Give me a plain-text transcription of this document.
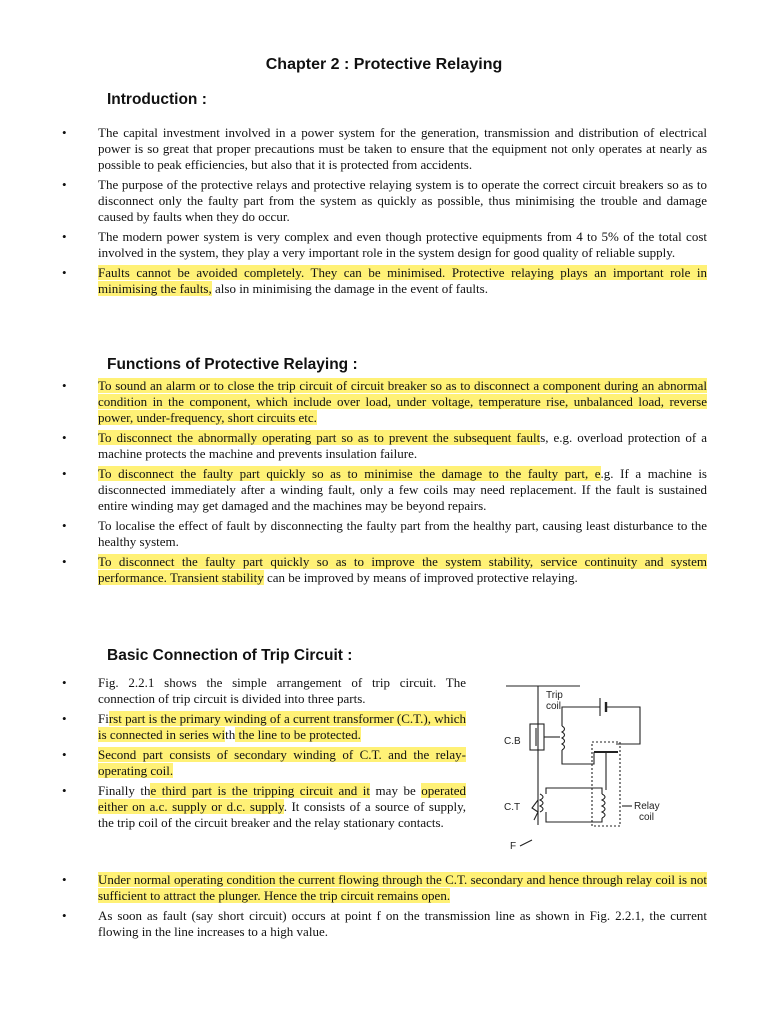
Chapter 2 : Protective Relaying
Introduction :
• The capital investment involved in a power system for the generation, transmission and distribution of electrical power is so great that proper precautions must be taken to ensure that the equipment not only operates at nearly as possible to peak efficiencies, but also that it is protected from accidents.
• The purpose of the protective relays and protective relaying system is to operate the correct circuit breakers so as to disconnect only the faulty part from the system as quickly as possible, thus minimising the trouble and damage caused by faults when they do occur.
• The modern power system is very complex and even though protective equipments from 4 to 5% of the total cost involved in the system, they play a very important role in the system design for good quality of reliable supply.
• Faults cannot be avoided completely. They can be minimised. Protective relaying plays an important role in minimising the faults, also in minimising the damage in the event of faults.
Functions of Protective Relaying :
• To sound an alarm or to close the trip circuit of circuit breaker so as to disconnect a component during an abnormal condition in the component, which include over load, under voltage, temperature rise, unbalanced load, reverse power, under-frequency, short circuits etc.
• To disconnect the abnormally operating part so as to prevent the subsequent faults, e.g. overload protection of a machine protects the machine and prevents insulation failure.
• To disconnect the faulty part quickly so as to minimise the damage to the faulty part, e.g. If a machine is disconnected immediately after a winding fault, only a few coils may need replacement. If the fault is sustained entire winding may get damaged and the machines may be beyond repairs.
• To localise the effect of fault by disconnecting the faulty part from the healthy part, causing least disturbance to the healthy system.
• To disconnect the faulty part quickly so as to improve the system stability, service continuity and system performance. Transient stability can be improved by means of improved protective relaying.
Basic Connection of Trip Circuit :
• Fig. 2.2.1 shows the simple arrangement of trip circuit. The connection of trip circuit is divided into three parts.
• First part is the primary winding of a current transformer (C.T.), which is connected in series with the line to be protected.
• Second part consists of secondary winding of C.T. and the relay-operating coil.
• Finally the third part is the tripping circuit and it may be operated either on a.c. supply or d.c. supply. It consists of a source of supply, the trip coil of the circuit breaker and the relay stationary contacts.
• Under normal operating condition the current flowing through the C.T. secondary and hence through relay coil is not sufficient to attract the plunger. Hence the trip circuit remains open.
• As soon as fault (say short circuit) occurs at point f on the transmission line as shown in Fig. 2.2.1, the current flowing in the line increases to a high value.
Trip
coil
C.B
C.T	Relay
coil
F
